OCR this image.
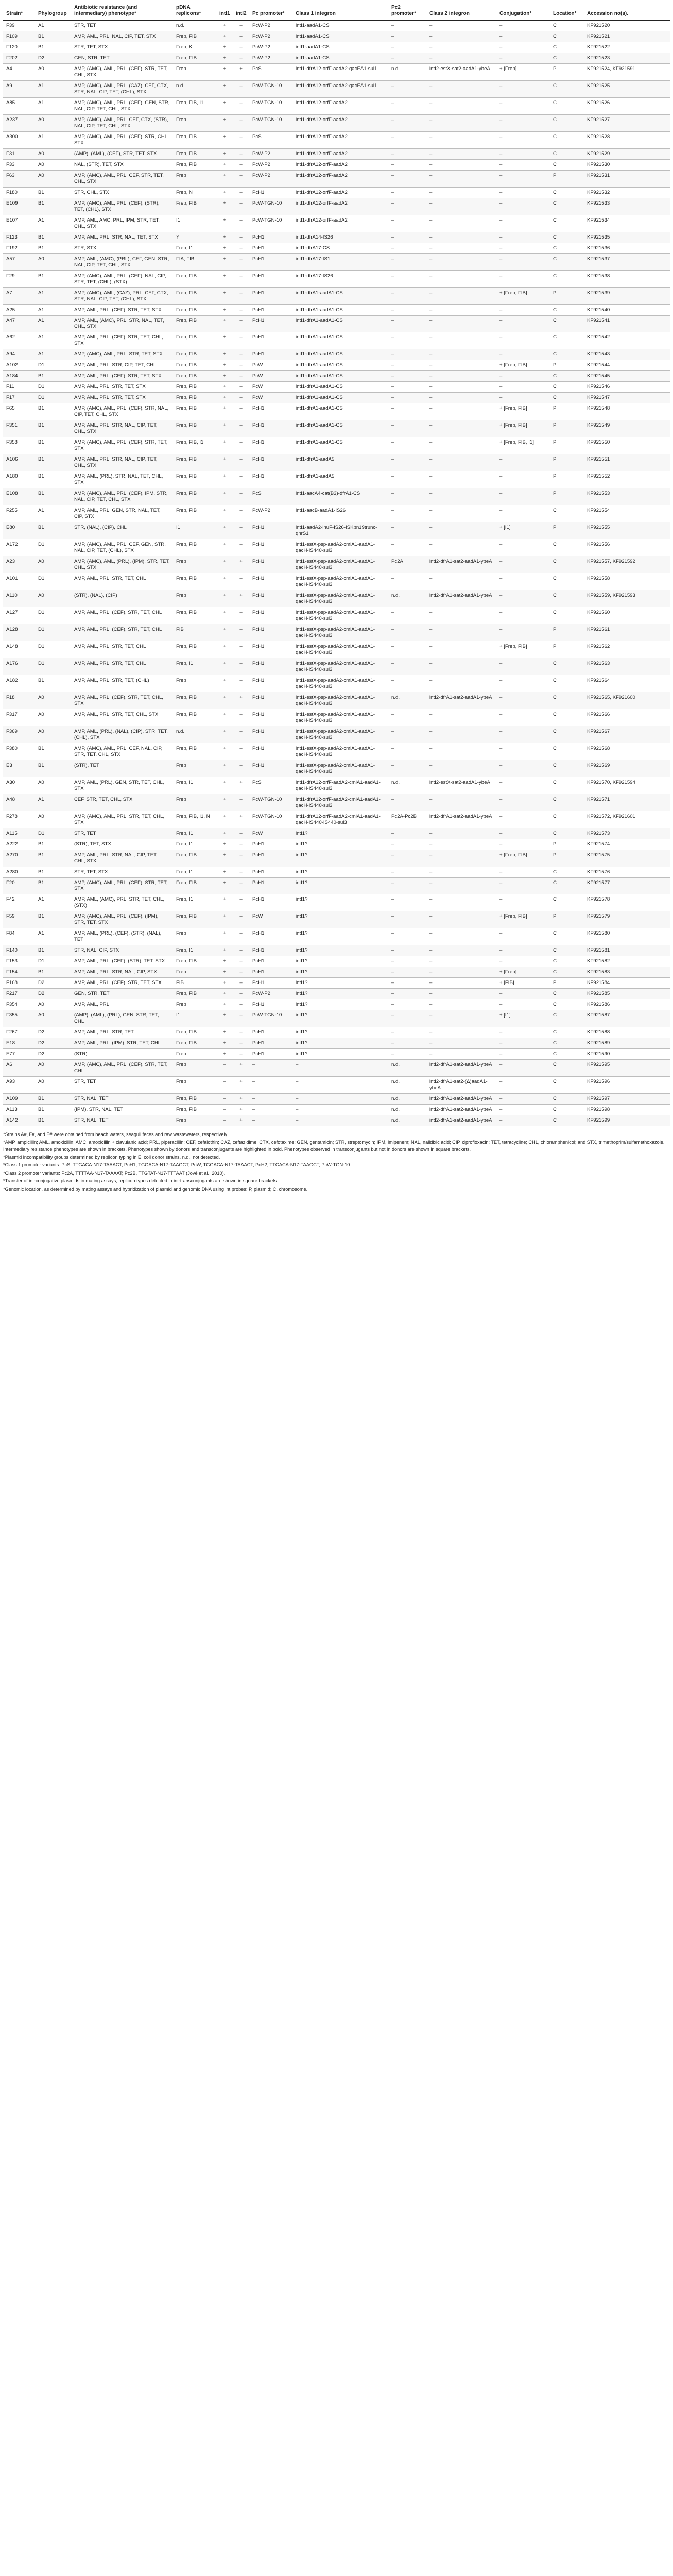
Strain*	Phylogroup	Antibiotic resistance (and intermediary) phenotype*	pDNA replicons*	intI1	intI2	Pc promoter*	Class 1 integron	Pc2 promoter*	Class 2 integron	Conjugation*	Location*	Accession no(s).
F39	A1	STR, TET	n.d.	+	–	PcW-P2	intI1-aadA1-CS	–	–	–	C	KF921520
F109	B1	AMP, AML, PRL, NAL, CIP, TET, STX	Frep, FIB	+	–	PcW-P2	intI1-aadA1-CS	–	–	–	C	KF921521
F120	B1	STR, TET, STX	Frep, K	+	–	PcW-P2	intI1-aadA1-CS	–	–	–	C	KF921522
F202	D2	GEN, STR, TET	Frep, FIB	+	–	PcW-P2	intI1-aadA1-CS	–	–	–	C	KF921523
A4	A0	AMP, (AMC), AML, PRL, (CEF), STR, TET, CHL, STX	Frep	+	+	PcS	intI1-dfrA12-orfF-aadA2-qacEΔ1-sul1	n.d.	intI2-estX-sat2-aadA1-ybeA	+ [Frep]	P	KF921524, KF921591
A9	A1	AMP, (AMC), AML, PRL, (CAZ), CEF, CTX, STR, NAL, CIP, TET, (CHL), STX	n.d.	+	–	PcW-TGN-10	intI1-dfrA12-orfF-aadA2-qacEΔ1-sul1	–	–	–	C	KF921525
A85	A1	AMP, (AMC), AML, PRL, (CEF), GEN, STR, NAL, CIP, TET, CHL, STX	Frep, FIB, I1	+	–	PcW-TGN-10	intI1-dfrA12-orfF-aadA2	–	–	–	C	KF921526
A237	A0	AMP, (AMC), AML, PRL, CEF, CTX, (STR), NAL, CIP, TET, CHL, STX	Frep	+	–	PcW-TGN-10	intI1-dfrA12-orfF-aadA2	–	–	–	C	KF921527
A300	A1	AMP, (AMC), AML, PRL, (CEF), STR, CHL, STX	Frep, FIB	+	–	PcS	intI1-dfrA12-orfF-aadA2	–	–	–	C	KF921528
F31	A0	(AMP), (AML), (CEF), STR, TET, STX	Frep, FIB	+	–	PcW-P2	intI1-dfrA12-orfF-aadA2	–	–	–	C	KF921529
F33	A0	NAL, (STR), TET, STX	Frep, FIB	+	–	PcW-P2	intI1-dfrA12-orfF-aadA2	–	–	–	C	KF921530
F63	A0	AMP, (AMC), AML, PRL, CEF, STR, TET, CHL, STX	Frep	+	–	PcW-P2	intI1-dfrA12-orfF-aadA2	–	–	–	P	KF921531
F180	B1	STR, CHL, STX	Frep, N	+	–	PcH1	intI1-dfrA12-orfF-aadA2	–	–	–	C	KF921532
E109	B1	AMP, (AMC), AML, PRL, (CEF), (STR), TET, (CHL), STX	Frep, FIB	+	–	PcW-TGN-10	intI1-dfrA12-orfF-aadA2	–	–	–	C	KF921533
E107	A1	AMP, AML, AMC, PRL, IPM, STR, TET, CHL, STX	I1	+	–	PcW-TGN-10	intI1-dfrA12-orfF-aadA2	–	–	–	C	KF921534
F123	B1	AMP, AML, PRL, STR, NAL, TET, STX	Y	+	–	PcH1	intI1-dfrA14-IS26	–	–	–	C	KF921535
F192	B1	STR, STX	Frep, I1	+	–	PcH1	intI1-dfrA17-CS	–	–	–	C	KF921536
A57	A0	AMP, AML, (AMC), (PRL), CEF, GEN, STR, NAL, CIP, TET, CHL, STX	FIA, FIB	+	–	PcH1	intI1-dfrA17-IS1	–	–	–	C	KF921537
F29	B1	AMP, (AMC), AML, PRL, (CEF), NAL, CIP, STR, TET, (CHL), (STX)	Frep, FIB	+	–	PcH1	intI1-dfrA17-IS26	–	–	–	C	KF921538
A7	A1	AMP, (AMC), AML, (CAZ), PRL, CEF, CTX, STR, NAL, CIP, TET, (CHL), STX	Frep, FIB	+	–	PcH1	intI1-dfrA1-aadA1-CS	–	–	+ [Frep, FIB]	P	KF921539
A25	A1	AMP, AML, PRL, (CEF), STR, TET, STX	Frep, FIB	+	–	PcH1	intI1-dfrA1-aadA1-CS	–	–	–	C	KF921540
A47	A1	AMP, AML, (AMC), PRL, STR, NAL, TET, CHL, STX	Frep, FIB	+	–	PcH1	intI1-dfrA1-aadA1-CS	–	–	–	C	KF921541
A62	A1	AMP, AML, PRL, (CEF), STR, TET, CHL, STX	Frep, FIB	+	–	PcH1	intI1-dfrA1-aadA1-CS	–	–	–	C	KF921542
A94	A1	AMP, (AMC), AML, PRL, STR, TET, STX	Frep, FIB	+	–	PcH1	intI1-dfrA1-aadA1-CS	–	–	–	C	KF921543
A102	D1	AMP, AML, PRL, STR, CIP, TET, CHL	Frep, FIB	+	–	PcW	intI1-dfrA1-aadA1-CS	–	–	+ [Frep, FIB]	P	KF921544
A184	B1	AMP, AML, PRL, (CEF), STR, TET, STX	Frep, FIB	+	–	PcW	intI1-dfrA1-aadA1-CS	–	–	–	C	KF921545
F11	D1	AMP, AML, PRL, STR, TET, STX	Frep, FIB	+	–	PcW	intI1-dfrA1-aadA1-CS	–	–	–	C	KF921546
F17	D1	AMP, AML, PRL, STR, TET, STX	Frep, FIB	+	–	PcW	intI1-dfrA1-aadA1-CS	–	–	–	C	KF921547
F65	B1	AMP, (AMC), AML, PRL, (CEF), STR, NAL, CIP, TET, CHL, STX	Frep, FIB	+	–	PcH1	intI1-dfrA1-aadA1-CS	–	–	+ [Frep, FIB]	P	KF921548
F351	B1	AMP, AML, PRL, STR, NAL, CIP, TET, CHL, STX	Frep, FIB	+	–	PcH1	intI1-dfrA1-aadA1-CS	–	–	+ [Frep, FIB]	P	KF921549
F358	B1	AMP, (AMC), AML, PRL, (CEF), STR, TET, STX	Frep, FIB, I1	+	–	PcH1	intI1-dfrA1-aadA1-CS	–	–	+ [Frep, FIB, I1]	P	KF921550
A106	B1	AMP, AML, PRL, STR, NAL, CIP, TET, CHL, STX	Frep, FIB	+	–	PcH1	intI1-dfrA1-aadA5	–	–	–	P	KF921551
A180	B1	AMP, AML, (PRL), STR, NAL, TET, CHL, STX	Frep, FIB	+	–	PcH1	intI1-dfrA1-aadA5	–	–	–	P	KF921552
E108	B1	AMP, (AMC), AML, PRL, (CEF), IPM, STR, NAL, CIP, TET, CHL, STX	Frep, FIB	+	–	PcS	intI1-aacA4-cat(B3)-dfrA1-CS	–	–	–	P	KF921553
F255	A1	AMP, AML, PRL, GEN, STR, NAL, TET, CIP, STX	Frep, FIB	+	–	PcW-P2	intI1-aacB-aadA1-IS26	–	–	–	C	KF921554
E80	B1	STR, (NAL), (CIP), CHL	I1	+	–	PcH1	intI1-aadA2-lnuF-IS26-ISKpn19trunc-qnrS1	–	–	+ [I1]	P	KF921555
A172	D1	AMP, (AMC), AML, PRL, CEF, GEN, STR, NAL, CIP, TET, (CHL), STX	Frep, FIB	+	–	PcH1	intI1-estX-psp-aadA2-cmlA1-aadA1-qacH-IS440-sul3	–	–	–	C	KF921556
A23	A0	AMP, (AMC), AML, (PRL), (IPM), STR, TET, CHL, STX	Frep	+	+	PcH1	intI1-estX-psp-aadA2-cmlA1-aadA1-qacH-IS440-sul3	Pc2A	intI2-dfrA1-sat2-aadA1-ybeA	–	C	KF921557, KF921592
A101	D1	AMP, AML, PRL, STR, TET, CHL	Frep, FIB	+	–	PcH1	intI1-estX-psp-aadA2-cmlA1-aadA1-qacH-IS440-sul3	–	–	–	C	KF921558
A110	A0	(STR), (NAL), (CIP)	Frep	+	+	PcH1	intI1-estX-psp-aadA2-cmlA1-aadA1-qacH-IS440-sul3	n.d.	intI2-dfrA1-sat2-aadA1-ybeA	–	C	KF921559, KF921593
A127	D1	AMP, AML, PRL, (CEF), STR, TET, CHL	Frep, FIB	+	–	PcH1	intI1-estX-psp-aadA2-cmlA1-aadA1-qacH-IS440-sul3	–	–	–	C	KF921560
A128	D1	AMP, AML, PRL, (CEF), STR, TET, CHL	FIB	+	–	PcH1	intI1-estX-psp-aadA2-cmlA1-aadA1-qacH-IS440-sul3	–	–	–	P	KF921561
A148	D1	AMP, AML, PRL, STR, TET, CHL	Frep, FIB	+	–	PcH1	intI1-estX-psp-aadA2-cmlA1-aadA1-qacH-IS440-sul3	–	–	+ [Frep, FIB]	P	KF921562
A176	D1	AMP, AML, PRL, STR, TET, CHL	Frep, I1	+	–	PcH1	intI1-estX-psp-aadA2-cmlA1-aadA1-qacH-IS440-sul3	–	–	–	C	KF921563
A182	B1	AMP, AML, PRL, STR, TET, (CHL)	Frep	+	–	PcH1	intI1-estX-psp-aadA2-cmlA1-aadA1-qacH-IS440-sul3	–	–	–	C	KF921564
F18	A0	AMP, AML, PRL, (CEF), STR, TET, CHL, STX	Frep, FIB	+	+	PcH1	intI1-estX-psp-aadA2-cmlA1-aadA1-qacH-IS440-sul3	n.d.	intI2-dfrA1-sat2-aadA1-ybeA	–	C	KF921565, KF921600
F317	A0	AMP, AML, PRL, STR, TET, CHL, STX	Frep, FIB	+	–	PcH1	intI1-estX-psp-aadA2-cmlA1-aadA1-qacH-IS440-sul3	–	–	–	C	KF921566
F369	A0	AMP, AML, (PRL), (NAL), (CIP), STR, TET, (CHL), STX	n.d.	+	–	PcH1	intI1-estX-psp-aadA2-cmlA1-aadA1-qacH-IS440-sul3	–	–	–	C	KF921567
F380	B1	AMP, (AMC), AML, PRL, CEF, NAL, CIP, STR, TET, CHL, STX	Frep, FIB	+	–	PcH1	intI1-estX-psp-aadA2-cmlA1-aadA1-qacH-IS440-sul3	–	–	–	C	KF921568
E3	B1	(STR), TET	Frep	+	–	PcH1	intI1-estX-psp-aadA2-cmlA1-aadA1-qacH-IS440-sul3	–	–	–	C	KF921569
A30	A0	AMP, AML, (PRL), GEN, STR, TET, CHL, STX	Frep, I1	+	+	PcS	intI1-dfrA12-orfF-aadA2-cmlA1-aadA1-qacH-IS440-sul3	n.d.	intI2-estX-sat2-aadA1-ybeA	–	C	KF921570, KF921594
A48	A1	CEF, STR, TET, CHL, STX	Frep	+	–	PcW-TGN-10	intI1-dfrA12-orfF-aadA2-cmlA1-aadA1-qacH-IS440-sul3	–	–	–	C	KF921571
F278	A0	AMP, (AMC), AML, PRL, STR, TET, CHL, STX	Frep, FIB, I1, N	+	+	PcW-TGN-10	intI1-dfrA12-orfF-aadA2-cmlA1-aadA1-qacH-IS440-IS440-sul3	Pc2A-Pc2B	intI2-dfrA1-sat2-aadA1-ybeA	–	C	KF921572, KF921601
A115	D1	STR, TET	Frep, I1	+	–	PcW	intI1?	–	–	–	C	KF921573
A222	B1	(STR), TET, STX	Frep, I1	+	–	PcH1	intI1?	–	–	–	P	KF921574
A270	B1	AMP, AML, PRL, STR, NAL, CIP, TET, CHL, STX	Frep, FIB	+	–	PcH1	intI1?	–	–	+ [Frep, FIB]	P	KF921575
A280	B1	STR, TET, STX	Frep, I1	+	–	PcH1	intI1?	–	–	–	C	KF921576
F20	B1	AMP, (AMC), AML, PRL, (CEF), STR, TET, STX	Frep, FIB	+	–	PcH1	intI1?	–	–	–	C	KF921577
F42	A1	AMP, AML, (AMC), PRL, STR, TET, CHL, (STX)	Frep, I1	+	–	PcH1	intI1?	–	–	–	C	KF921578
F59	B1	AMP, (AMC), AML, PRL, (CEF), (IPM), STR, TET, STX	Frep, FIB	+	–	PcW	intI1?	–	–	+ [Frep, FIB]	P	KF921579
F84	A1	AMP, AML, (PRL), (CEF), (STR), (NAL), TET	Frep	+	–	PcH1	intI1?	–	–	–	C	KF921580
F140	B1	STR, NAL, CIP, STX	Frep, I1	+	–	PcH1	intI1?	–	–	–	C	KF921581
F153	D1	AMP, AML, PRL, (CEF), (STR), TET, STX	Frep, FIB	+	–	PcH1	intI1?	–	–	–	C	KF921582
F154	B1	AMP, AML, PRL, STR, NAL, CIP, STX	Frep	+	–	PcH1	intI1?	–	–	+ [Frep]	C	KF921583
F168	D2	AMP, AML, PRL, (CEF), STR, TET, STX	FIB	+	–	PcH1	intI1?	–	–	+ [FIB]	P	KF921584
F217	D2	GEN, STR, TET	Frep, FIB	+	–	PcW-P2	intI1?	–	–	–	C	KF921585
F354	A0	AMP, AML, PRL	Frep	+	–	PcH1	intI1?	–	–	–	C	KF921586
F355	A0	(AMP), (AML), (PRL), GEN, STR, TET, CHL	I1	+	–	PcW-TGN-10	intI1?	–	–	+ [I1]	C	KF921587
F267	D2	AMP, AML, PRL, STR, TET	Frep, FIB	+	–	PcH1	intI1?	–	–	–	C	KF921588
E18	D2	AMP, AML, PRL, (IPM), STR, TET, CHL	Frep, FIB	+	–	PcH1	intI1?	–	–	–	C	KF921589
E77	D2	(STR)	Frep	+	–	PcH1	intI1?	–	–	–	C	KF921590
A6	A0	AMP, (AMC), AML, PRL, (CEF), STR, TET, CHL	Frep	–	+	–	–	n.d.	intI2-dfrA1-sat2-aadA1-ybeA	–	C	KF921595
A93	A0	STR, TET	Frep	–	+	–	–	n.d.	intI2-dfrA1-sat2-(Δ)aadA1-ybeA	–	C	KF921596
A109	B1	STR, NAL, TET	Frep, FIB	–	+	–	–	n.d.	intI2-dfrA1-sat2-aadA1-ybeA	–	C	KF921597
A113	B1	(IPM), STR, NAL, TET	Frep, FIB	–	+	–	–	n.d.	intI2-dfrA1-sat2-aadA1-ybeA	–	C	KF921598
A142	B1	STR, NAL, TET	Frep	–	+	–	–	n.d.	intI2-dfrA1-sat2-aadA1-ybeA	–	C	KF921599

*Strains A#, F#, and E# were obtained from beach waters, seagull feces and raw wastewaters, respectively.

*AMP, ampicillin; AML, amoxicillin; AMC, amoxicillin + clavulanic acid; PRL, piperacillin; CEF, cefalothin; CAZ, ceftazidime; CTX, cefotaxime; GEN, gentamicin; STR, streptomycin; IPM, imipenem; NAL, nalidixic acid; CIP, ciprofloxacin; TET, tetracycline; CHL, chloramphenicol; and STX, trimethoprim/sulfamethoxazole. Intermediary resistance phenotypes are shown in brackets. Phenotypes shown by donors and transconjugants are highlighted in bold. Phenotypes observed in transconjugants but not in donors are shown in square brackets.

*Plasmid incompatibility groups determined by replicon typing in E. coli donor strains. n.d., not detected.

*Class 1 promoter variants: PcS, TTGACA-N17-TAAACT; PcH1, TGGACA-N17-TAAGCT; PcW, TGGACA-N17-TAAACT; PcH2, TTGACA-N17-TAAGCT; PcW-TGN-10 ...

*Class 2 promoter variants: Pc2A, TTTTAA-N17-TAAAAT; Pc2B, TTGTAT-N17-TTTAAT (Jové et al., 2010).

*Transfer of int-conjugative plasmids in mating assays; replicon types detected in int-transconjugants are shown in square brackets.

*Genomic location, as determined by mating assays and hybridization of plasmid and genomic DNA using int probes: P, plasmid; C, chromosome.
